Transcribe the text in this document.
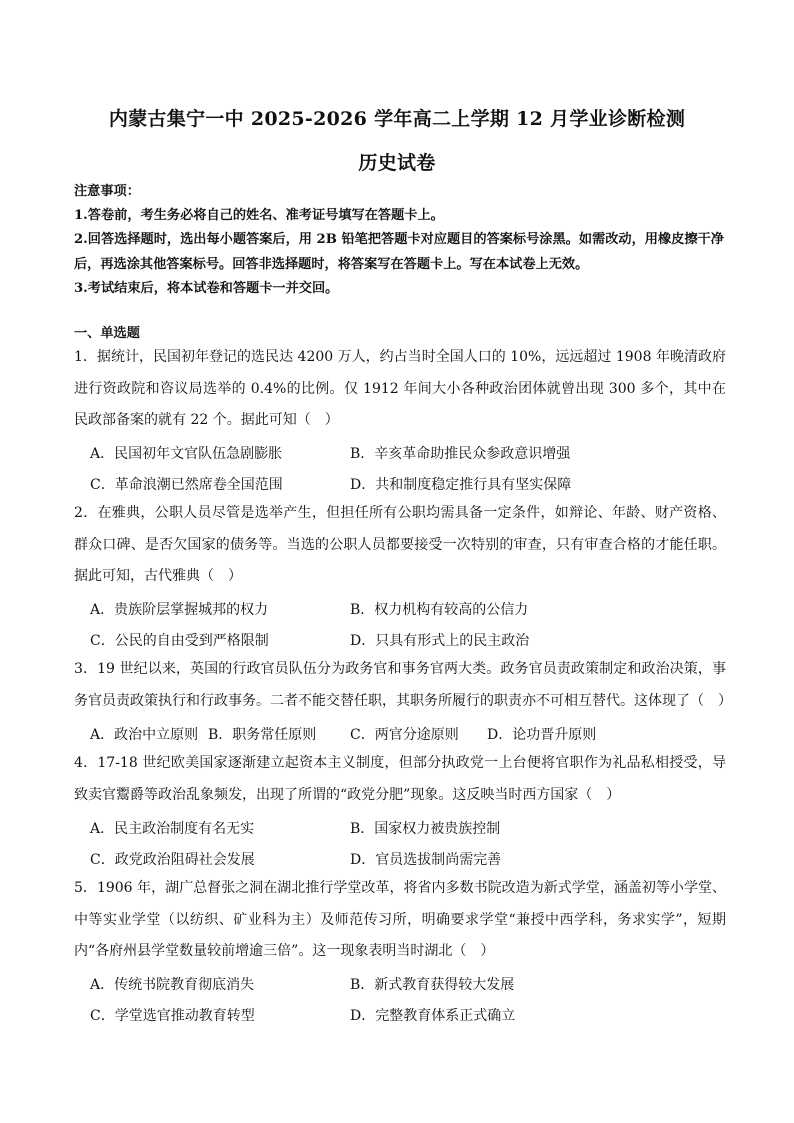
内蒙古集宁一中 2025-2026 学年高二上学期 12 月学业诊断检测
历史试卷
注意事项：
1.答卷前，考生务必将自己的姓名、准考证号填写在答题卡上。
2.回答选择题时，选出每小题答案后，用 2B 铅笔把答题卡对应题目的答案标号涂黑。如需改动，用橡皮擦干净后，再选涂其他答案标号。回答非选择题时，将答案写在答题卡上。写在本试卷上无效。
3.考试结束后，将本试卷和答题卡一并交回。
一、单选题
1．据统计，民国初年登记的选民达 4200 万人，约占当时全国人口的 10%，远远超过 1908 年晚清政府进行资政院和咨议局选举的 0.4%的比例。仅 1912 年间大小各种政治团体就曾出现 300 多个，其中在民政部备案的就有 22 个。据此可知（　）
A．民国初年文官队伍急剧膨胀	B．辛亥革命助推民众参政意识增强
C．革命浪潮已然席卷全国范围	D．共和制度稳定推行具有坚实保障
2．在雅典，公职人员尽管是选举产生，但担任所有公职均需具备一定条件，如辩论、年龄、财产资格、群众口碑、是否欠国家的债务等。当选的公职人员都要接受一次特别的审查，只有审查合格的才能任职。据此可知，古代雅典（　）
A．贵族阶层掌握城邦的权力	B．权力机构有较高的公信力
C．公民的自由受到严格限制	D．只具有形式上的民主政治
3．19 世纪以来，英国的行政官员队伍分为政务官和事务官两大类。政务官员责政策制定和政治决策，事务官员责政策执行和行政事务。二者不能交替任职，其职务所履行的职责亦不可相互替代。这体现了（　）
A．政治中立原则 B．职务常任原则 C．两官分途原则 D．论功晋升原则
4．17-18 世纪欧美国家逐渐建立起资本主义制度，但部分执政党一上台便将官职作为礼品私相授受，导致卖官鬻爵等政治乱象频发，出现了所谓的“政党分肥”现象。这反映当时西方国家（　）
A．民主政治制度有名无实	B．国家权力被贵族控制
C．政党政治阻碍社会发展	D．官员选拔制尚需完善
5．1906 年，湖广总督张之洞在湖北推行学堂改革，将省内多数书院改造为新式学堂，涵盖初等小学堂、中等实业学堂（以纺织、矿业科为主）及师范传习所，明确要求学堂“兼授中西学科，务求实学”，短期内“各府州县学堂数量较前增逾三倍”。这一现象表明当时湖北（　）
A．传统书院教育彻底消失	B．新式教育获得较大发展
C．学堂选官推动教育转型	D．完整教育体系正式确立
